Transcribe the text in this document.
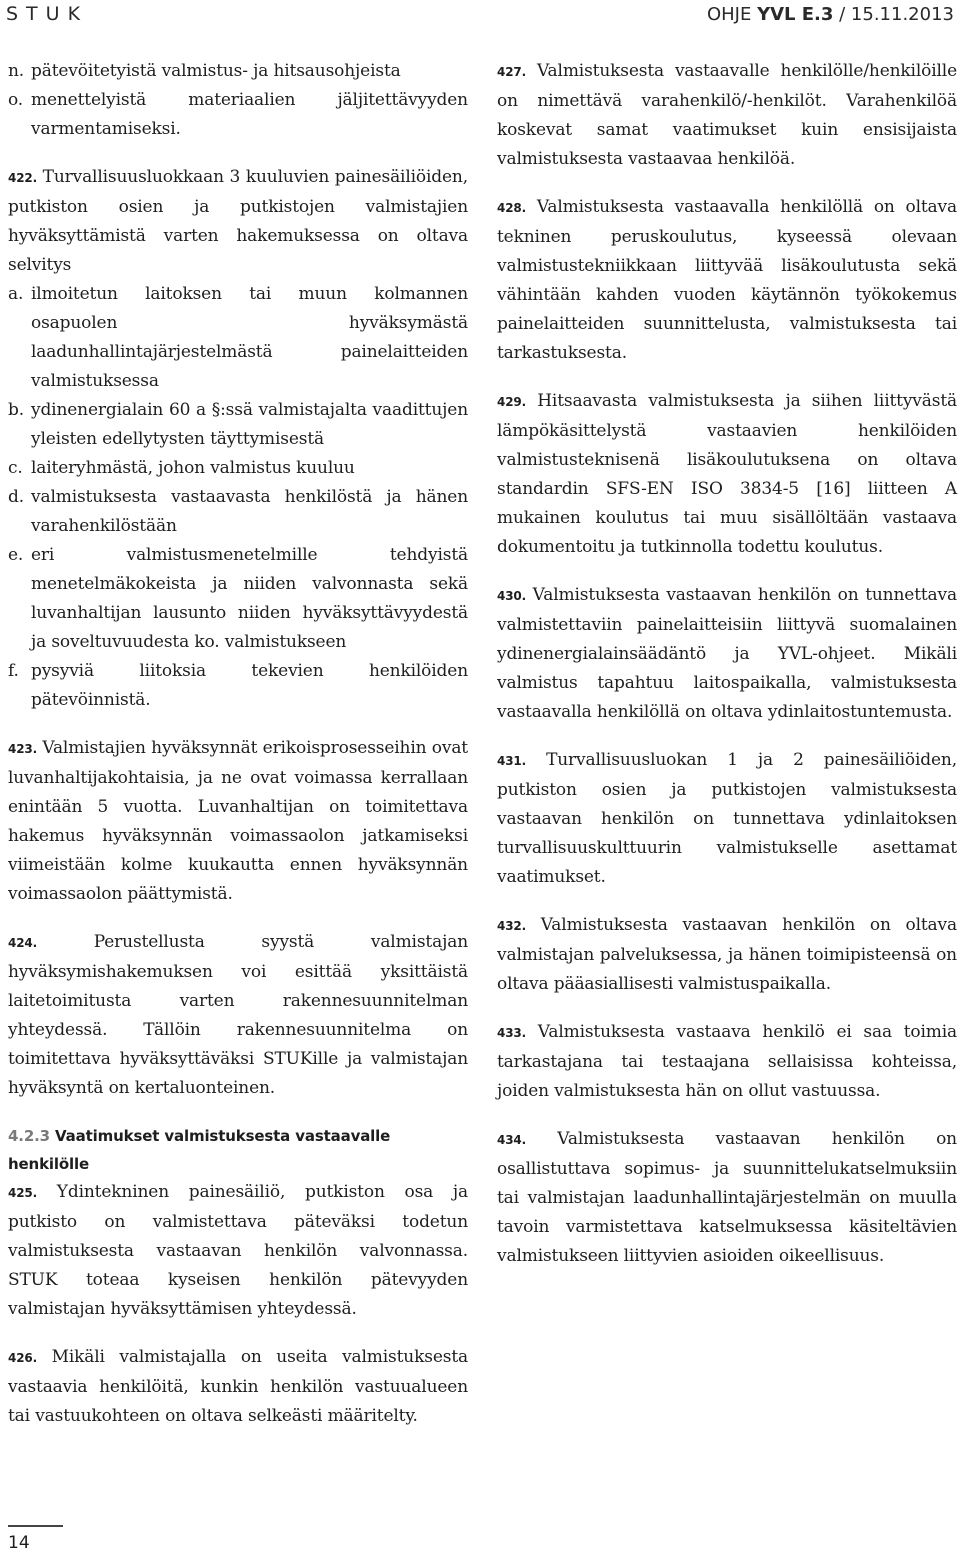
STUK	OHJE YVL E.3 / 15.11.2013
n. pätevöitetyistä valmistus- ja hitsausohjeista
o. menettelyistä materiaalien jäljitettävyyden varmentamiseksi.

422. Turvallisuusluokkaan 3 kuuluvien painesäiliöiden, putkiston osien ja putkistojen valmistajien hyväksyttämistä varten hakemuksessa on oltava selvitys

a. ilmoitetun laitoksen tai muun kolmannen osapuolen hyväksymästä laadunhallintajärjestelmästä painelaitteiden valmistuksessa
b. ydinenergialain 60 a §:ssä valmistajalta vaadittujen yleisten edellytysten täyttymisestä
c. laiteryhmästä, johon valmistus kuuluu
d. valmistuksesta vastaavasta henkilöstä ja hänen varahenkilöstään
e. eri valmistusmenetelmille tehdyistä menetelmäkokeista ja niiden valvonnasta sekä luvanhaltijan lausunto niiden hyväksyttävyydestä ja soveltuvuudesta ko. valmistukseen
f. pysyviä liitoksia tekevien henkilöiden pätevöinnistä.

423. Valmistajien hyväksynnät erikoisprosesseihin ovat luvanhaltijakohtaisia, ja ne ovat voimassa kerrallaan enintään 5 vuotta. Luvanhaltijan on toimitettava hakemus hyväksynnän voimassaolon jatkamiseksi viimeistään kolme kuukautta ennen hyväksynnän voimassaolon päättymistä.

424.	Perustellusta syystä valmistajan hyväksymishakemuksen voi esittää yksittäistä laitetoimitusta varten rakennesuunnitelman yhteydessä. Tällöin rakennesuunnitelma on toimitettava hyväksyttäväksi STUKille ja valmistajan hyväksyntä on kertaluonteinen.

4.2.3 Vaatimukset valmistuksesta vastaavalle henkilölle

425. Ydintekninen painesäiliö, putkiston osa ja putkisto on valmistettava päteväksi todetun valmistuksesta vastaavan henkilön valvonnassa. STUK toteaa kyseisen henkilön pätevyyden valmistajan hyväksyttämisen yhteydessä.

426. Mikäli valmistajalla on useita valmistuksesta vastaavia henkilöitä, kunkin henkilön vastuualueen tai vastuukohteen on oltava selkeästi määritelty.

427. Valmistuksesta vastaavalle henkilölle/henkilöille on nimettävä varahenkilö/-henkilöt. Varahenkilöä koskevat samat vaatimukset kuin ensisijaista valmistuksesta vastaavaa henkilöä.

428. Valmistuksesta vastaavalla henkilöllä on oltava tekninen peruskoulutus, kyseessä olevaan valmistustekniikkaan liittyvää lisäkoulutusta sekä vähintään kahden vuoden käytännön työkokemus painelaitteiden suunnittelusta, valmistuksesta tai tarkastuksesta.

429. Hitsaavasta valmistuksesta ja siihen liittyvästä lämpökäsittelystä vastaavien henkilöiden valmistusteknisenä lisäkoulutuksena on oltava standardin SFS-EN ISO 3834-5 [16] liitteen A mukainen koulutus tai muu sisällöltään vastaava dokumentoitu ja tutkinnolla todettu koulutus.

430. Valmistuksesta vastaavan henkilön on tunnettava valmistettaviin painelaitteisiin liittyvä suomalainen ydinenergialainsäädäntö ja YVL-ohjeet. Mikäli valmistus tapahtuu laitospaikalla, valmistuksesta vastaavalla henkilöllä on oltava ydinlaitostuntemusta.

431. Turvallisuusluokan 1 ja 2 painesäiliöiden, putkiston osien ja putkistojen valmistuksesta vastaavan henkilön on tunnettava ydinlaitoksen turvallisuuskulttuurin valmistukselle asettamat vaatimukset.

432. Valmistuksesta vastaavan henkilön on oltava valmistajan palveluksessa, ja hänen toimipisteensä on oltava pääasiallisesti valmistuspaikalla.

433. Valmistuksesta vastaava henkilö ei saa toimia tarkastajana tai testaajana sellaisissa kohteissa, joiden valmistuksesta hän on ollut vastuussa.

434. Valmistuksesta vastaavan henkilön on osallistuttava sopimus- ja suunnittelukatselmuksiin tai valmistajan laadunhallintajärjestelmän on muulla tavoin varmistettava katselmuksessa käsiteltävien valmistukseen liittyvien asioiden oikeellisuus.

14
